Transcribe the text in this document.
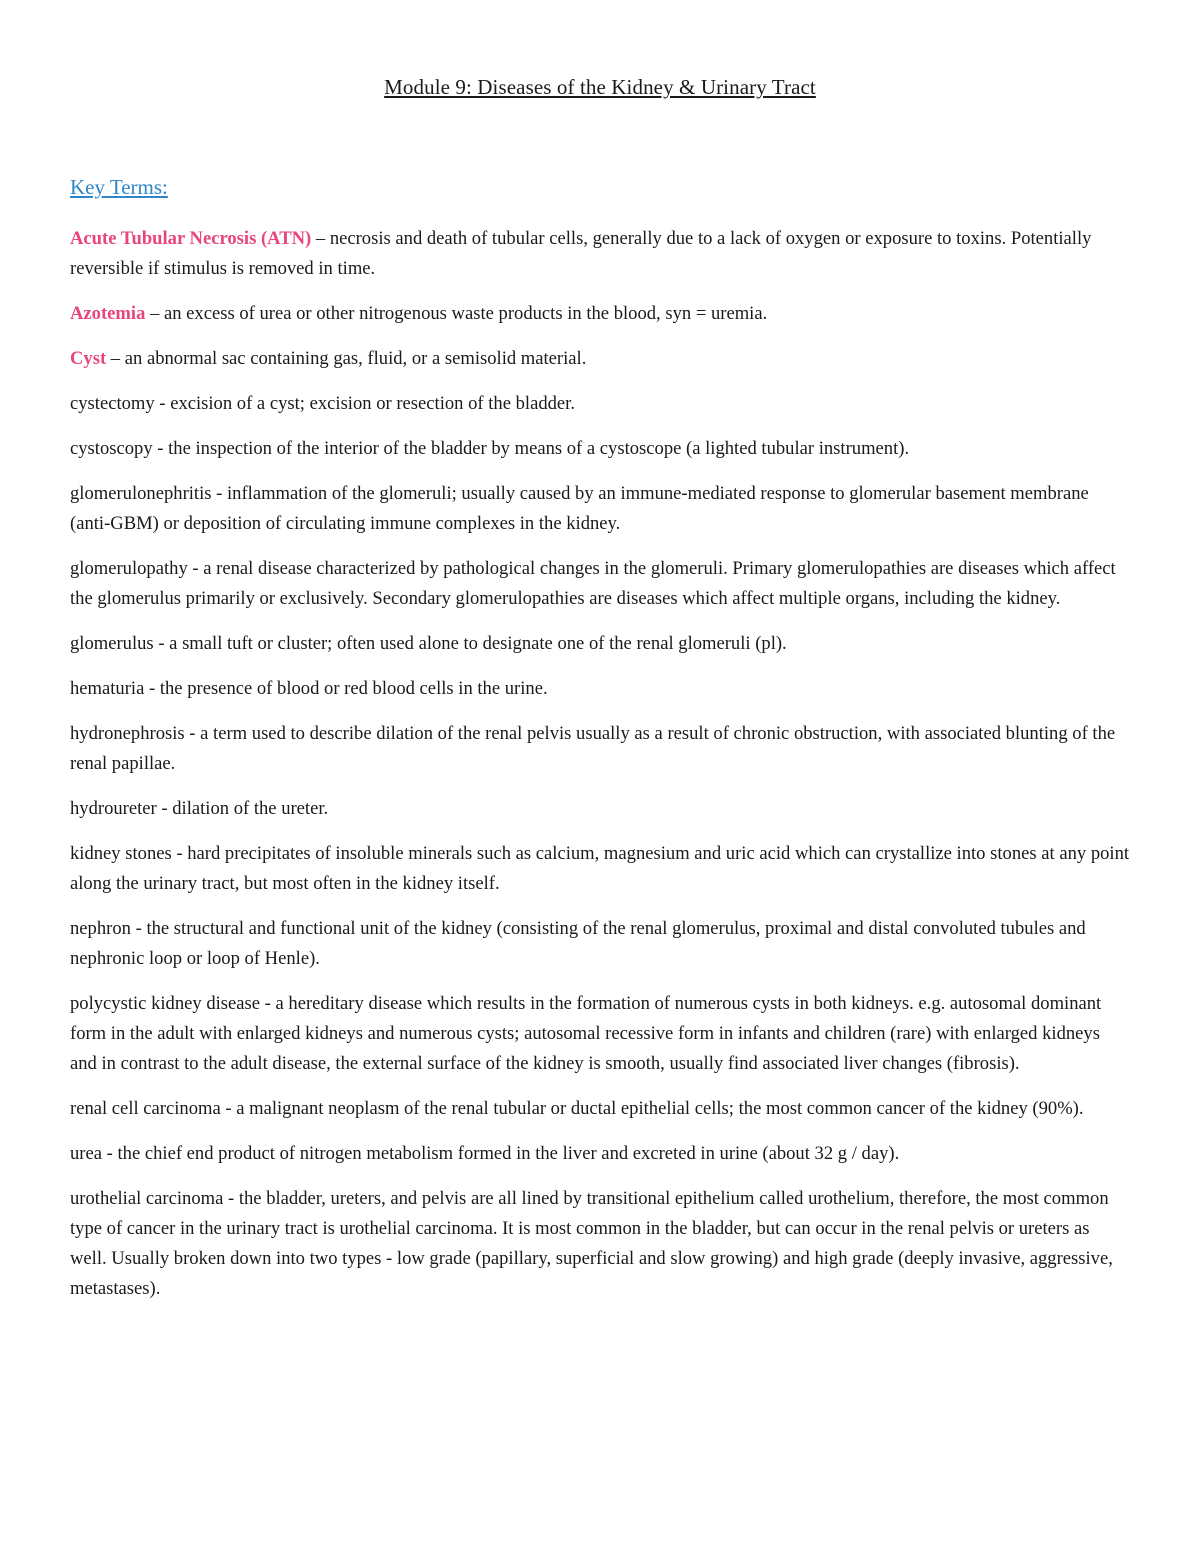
Module 9: Diseases of the Kidney & Urinary Tract
Key Terms:

Acute Tubular Necrosis (ATN) – necrosis and death of tubular cells, generally due to a lack of oxygen or exposure to toxins. Potentially reversible if stimulus is removed in time.

Azotemia – an excess of urea or other nitrogenous waste products in the blood, syn = uremia.

Cyst – an abnormal sac containing gas, fluid, or a semisolid material.

cystectomy - excision of a cyst; excision or resection of the bladder.

cystoscopy - the inspection of the interior of the bladder by means of a cystoscope (a lighted tubular instrument).

glomerulonephritis - inflammation of the glomeruli; usually caused by an immune-mediated response to glomerular basement membrane (anti-GBM) or deposition of circulating immune complexes in the kidney.

glomerulopathy - a renal disease characterized by pathological changes in the glomeruli. Primary glomerulopathies are diseases which affect the glomerulus primarily or exclusively. Secondary glomerulopathies are diseases which affect multiple organs, including the kidney.

glomerulus - a small tuft or cluster; often used alone to designate one of the renal glomeruli (pl).

hematuria - the presence of blood or red blood cells in the urine.

hydronephrosis - a term used to describe dilation of the renal pelvis usually as a result of chronic obstruction, with associated blunting of the renal papillae.

hydroureter - dilation of the ureter.

kidney stones - hard precipitates of insoluble minerals such as calcium, magnesium and uric acid which can crystallize into stones at any point along the urinary tract, but most often in the kidney itself.

nephron - the structural and functional unit of the kidney (consisting of the renal glomerulus, proximal and distal convoluted tubules and nephronic loop or loop of Henle).

polycystic kidney disease - a hereditary disease which results in the formation of numerous cysts in both kidneys. e.g. autosomal dominant form in the adult with enlarged kidneys and numerous cysts; autosomal recessive form in infants and children (rare) with enlarged kidneys and in contrast to the adult disease, the external surface of the kidney is smooth, usually find associated liver changes (fibrosis).

renal cell carcinoma - a malignant neoplasm of the renal tubular or ductal epithelial cells; the most common cancer of the kidney (90%).

urea - the chief end product of nitrogen metabolism formed in the liver and excreted in urine (about 32 g / day).

urothelial carcinoma - the bladder, ureters, and pelvis are all lined by transitional epithelium called urothelium, therefore, the most common type of cancer in the urinary tract is urothelial carcinoma. It is most common in the bladder, but can occur in the renal pelvis or ureters as well. Usually broken down into two types - low grade (papillary, superficial and slow growing) and high grade (deeply invasive, aggressive, metastases).
